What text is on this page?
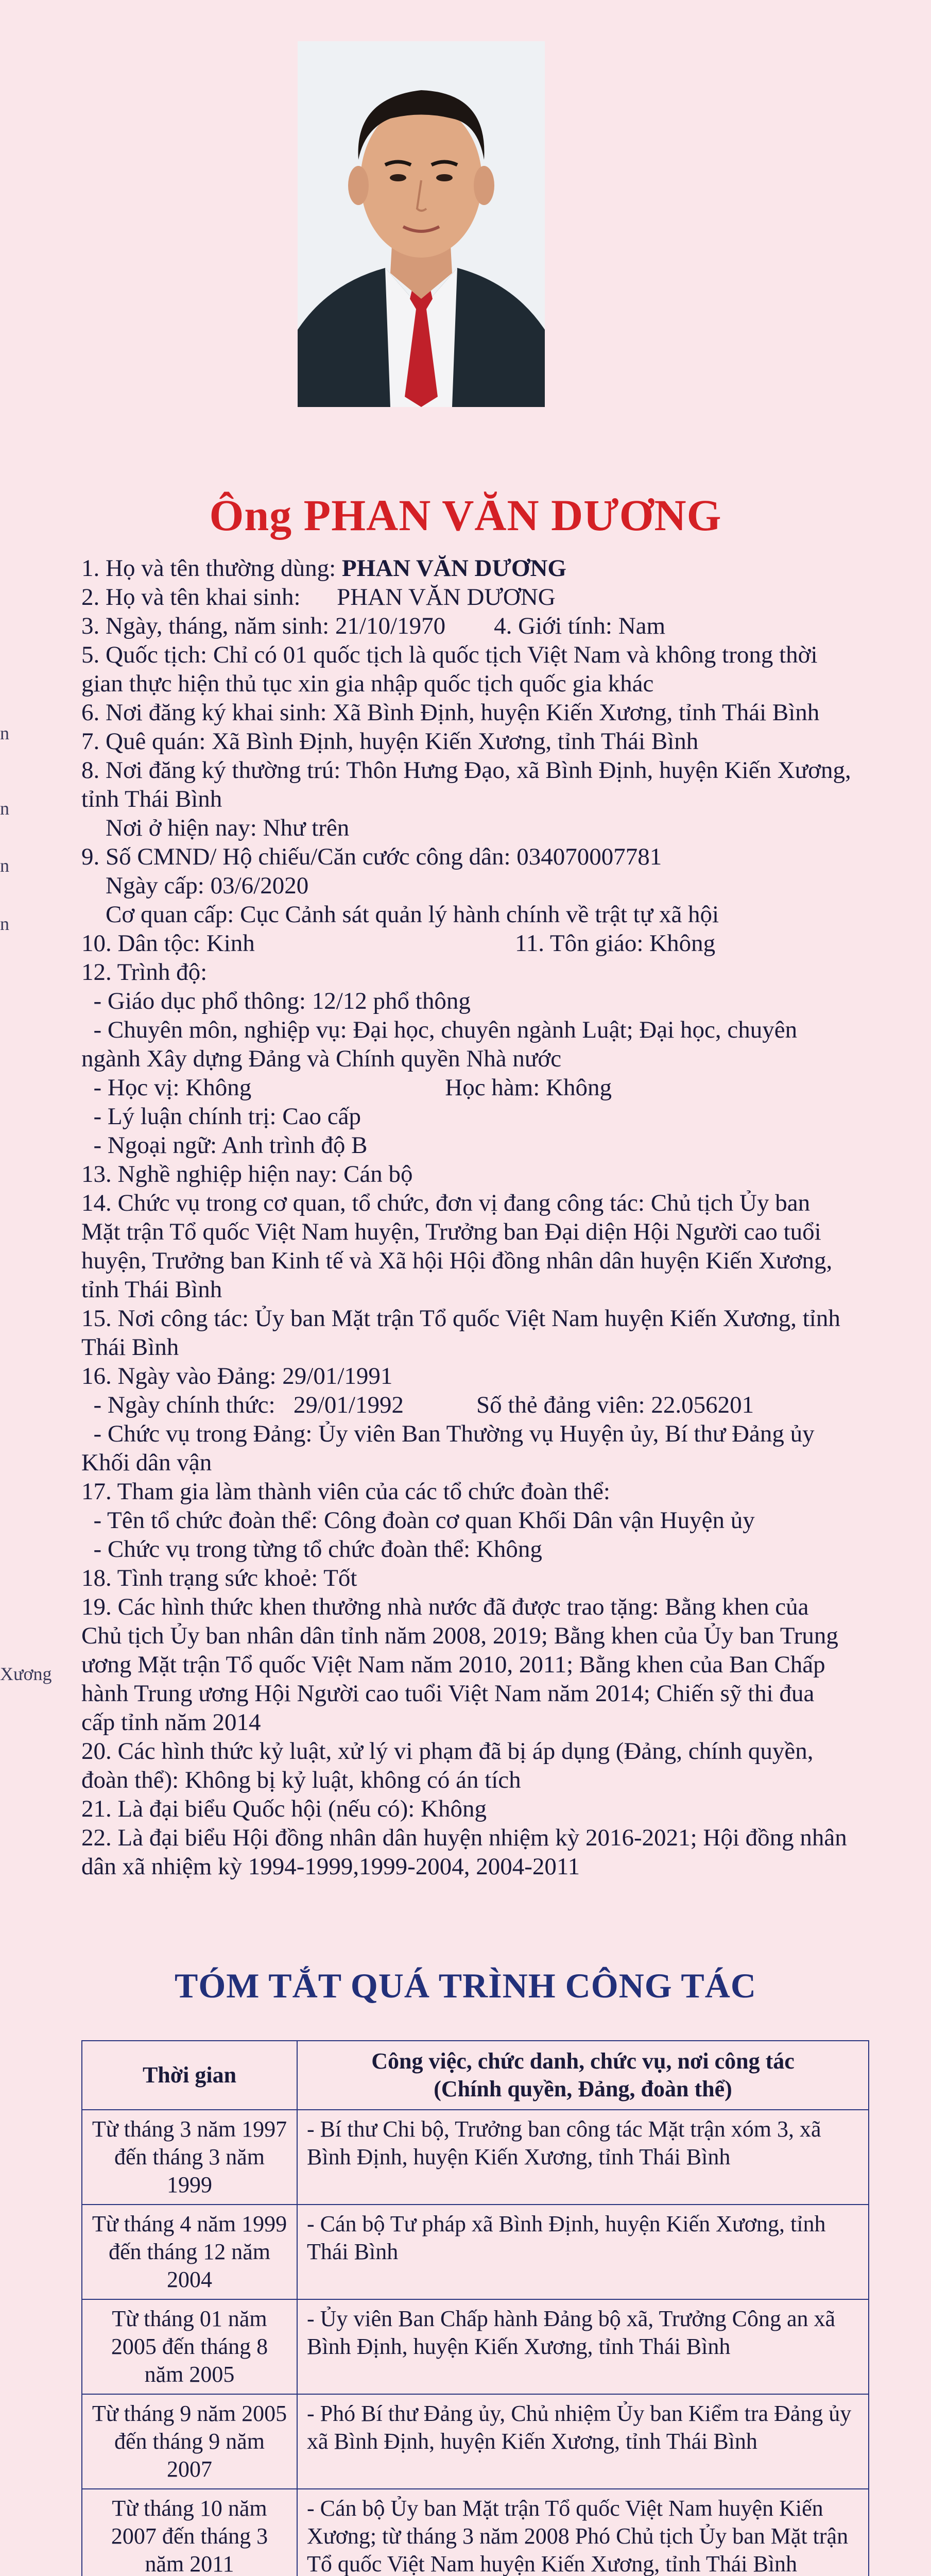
n
n
n
n
Xương
Ông PHAN VĂN DƯƠNG

1. Họ và tên thường dùng: PHAN VĂN DƯƠNG

2. Họ và tên khai sinh:      PHAN VĂN DƯƠNG

3. Ngày, tháng, năm sinh: 21/10/1970        4. Giới tính: Nam

5. Quốc tịch: Chỉ có 01 quốc tịch là quốc tịch Việt Nam và không trong thời gian thực hiện thủ tục xin gia nhập quốc tịch quốc gia khác

6. Nơi đăng ký khai sinh: Xã Bình Định, huyện Kiến Xương, tỉnh Thái Bình

7. Quê quán: Xã Bình Định, huyện Kiến Xương, tỉnh Thái Bình

8. Nơi đăng ký thường trú: Thôn Hưng Đạo, xã Bình Định, huyện Kiến Xương, tỉnh Thái Bình

Nơi ở hiện nay: Như trên

9. Số CMND/ Hộ chiếu/Căn cước công dân: 034070007781

Ngày cấp: 03/6/2020

Cơ quan cấp: Cục Cảnh sát quản lý hành chính về trật tự xã hội

10. Dân tộc: Kinh                                           11. Tôn giáo: Không

12. Trình độ:

- Giáo dục phổ thông: 12/12 phổ thông

- Chuyên môn, nghiệp vụ: Đại học, chuyên ngành Luật; Đại học, chuyên ngành Xây dựng Đảng và Chính quyền Nhà nước

- Học vị: Không                                Học hàm: Không

- Lý luận chính trị: Cao cấp

- Ngoại ngữ: Anh trình độ B

13. Nghề nghiệp hiện nay: Cán bộ

14. Chức vụ trong cơ quan, tổ chức, đơn vị đang công tác: Chủ tịch Ủy ban Mặt trận Tổ quốc Việt Nam huyện, Trưởng ban Đại diện Hội Người cao tuổi huyện, Trưởng ban Kinh tế và Xã hội Hội đồng nhân dân huyện Kiến Xương, tỉnh Thái Bình

15. Nơi công tác: Ủy ban Mặt trận Tổ quốc Việt Nam huyện Kiến Xương, tỉnh Thái Bình

16. Ngày vào Đảng: 29/01/1991

- Ngày chính thức:   29/01/1992            Số thẻ đảng viên: 22.056201

- Chức vụ trong Đảng: Ủy viên Ban Thường vụ Huyện ủy, Bí thư Đảng ủy Khối dân vận

17. Tham gia làm thành viên của các tổ chức đoàn thể:

- Tên tổ chức đoàn thể: Công đoàn cơ quan Khối Dân vận Huyện ủy

- Chức vụ trong từng tổ chức đoàn thể: Không

18. Tình trạng sức khoẻ: Tốt

19. Các hình thức khen thưởng nhà nước đã được trao tặng: Bằng khen của Chủ tịch Ủy ban nhân dân tỉnh năm 2008, 2019; Bằng khen của Ủy ban Trung ương Mặt trận Tổ quốc Việt Nam năm 2010, 2011; Bằng khen của Ban Chấp hành Trung ương Hội Người cao tuổi Việt Nam năm 2014; Chiến sỹ thi đua cấp tỉnh năm 2014

20. Các hình thức kỷ luật, xử lý vi phạm đã bị áp dụng (Đảng, chính quyền, đoàn thể): Không bị kỷ luật, không có án tích

21. Là đại biểu Quốc hội (nếu có): Không

22. Là đại biểu Hội đồng nhân dân huyện nhiệm kỳ 2016-2021; Hội đồng nhân dân xã nhiệm kỳ 1994-1999,1999-2004, 2004-2011

TÓM TẮT QUÁ TRÌNH CÔNG TÁC
Thời gian	Công việc, chức danh, chức vụ, nơi công tác
(Chính quyền, Đảng, đoàn thể)

Từ tháng 3 năm 1997 đến tháng 3 năm 1999	- Bí thư Chi bộ, Trưởng ban công tác Mặt trận xóm 3, xã Bình Định, huyện Kiến Xương, tỉnh Thái Bình
Từ tháng 4 năm 1999 đến tháng 12 năm 2004	- Cán bộ Tư pháp xã Bình Định, huyện Kiến Xương, tỉnh Thái Bình
Từ tháng 01 năm 2005 đến tháng 8 năm 2005	- Ủy viên Ban Chấp hành Đảng bộ xã, Trưởng Công an xã Bình Định, huyện Kiến Xương, tỉnh Thái Bình
Từ tháng 9 năm 2005 đến tháng 9 năm 2007	- Phó Bí thư Đảng ủy, Chủ nhiệm Ủy ban Kiểm tra Đảng ủy xã Bình Định, huyện Kiến Xương, tỉnh Thái Bình
Từ tháng 10 năm 2007 đến tháng 3 năm 2011	- Cán bộ Ủy ban Mặt trận Tổ quốc Việt Nam huyện Kiến Xương; từ tháng 3 năm 2008 Phó Chủ tịch Ủy ban Mặt trận Tổ quốc Việt Nam huyện Kiến Xương, tỉnh Thái Bình
